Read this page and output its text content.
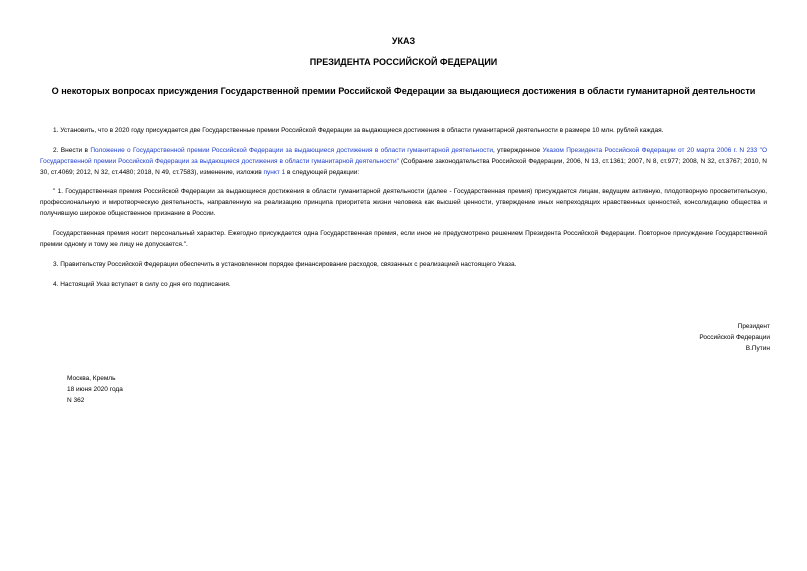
УКАЗ
ПРЕЗИДЕНТА РОССИЙСКОЙ ФЕДЕРАЦИИ
О некоторых вопросах присуждения Государственной премии Российской Федерации за выдающиеся достижения в области гуманитарной деятельности
1. Установить, что в 2020 году присуждается две Государственные премии Российской Федерации за выдающиеся достижения в области гуманитарной деятельности в размере 10 млн. рублей каждая.
2. Внести в Положение о Государственной премии Российской Федерации за выдающиеся достижения в области гуманитарной деятельности, утвержденное Указом Президента Российской Федерации от 20 марта 2006 г. N 233 "О Государственной премии Российской Федерации за выдающиеся достижения в области гуманитарной деятельности" (Собрание законодательства Российской Федерации, 2006, N 13, ст.1361; 2007, N 8, ст.977; 2008, N 32, ст.3767; 2010, N 30, ст.4069; 2012, N 32, ст.4480; 2018, N 49, ст.7583), изменение, изложив пункт 1 в следующей редакции:
" 1. Государственная премия Российской Федерации за выдающиеся достижения в области гуманитарной деятельности (далее - Государственная премия) присуждается лицам, ведущим активную, плодотворную просветительскую, профессиональную и миротворческую деятельность, направленную на реализацию принципа приоритета жизни человека как высшей ценности, утверждение иных непреходящих нравственных ценностей, консолидацию общества и получившую широкое общественное признание в России.
Государственная премия носит персональный характер. Ежегодно присуждается одна Государственная премия, если иное не предусмотрено решением Президента Российской Федерации. Повторное присуждение Государственной премии одному и тому же лицу не допускается.".
3. Правительству Российской Федерации обеспечить в установленном порядке финансирование расходов, связанных с реализацией настоящего Указа.
4. Настоящий Указ вступает в силу со дня его подписания.
Президент
Российской Федерации
В.Путин
Москва, Кремль
18 июня 2020 года
N 362
